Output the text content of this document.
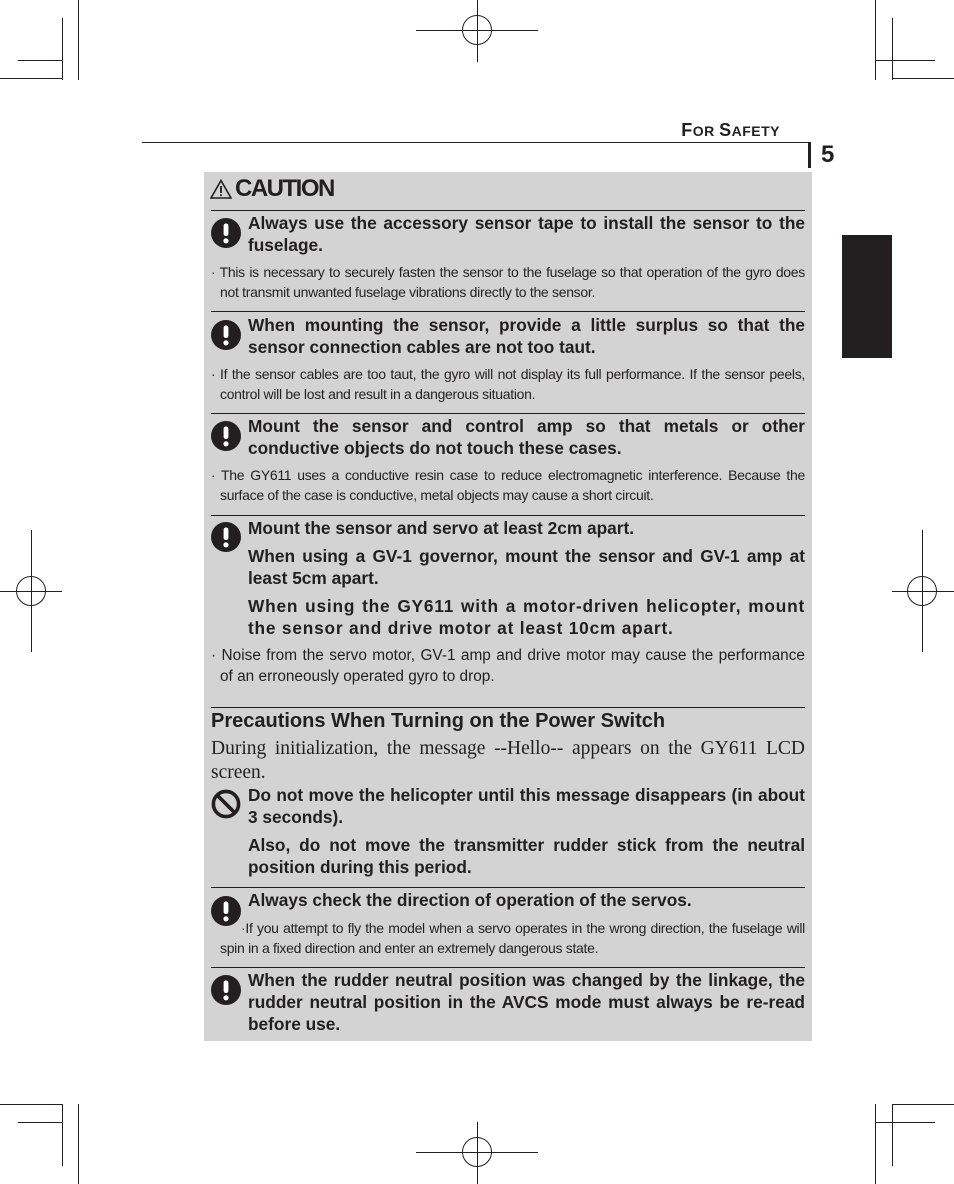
FOR SAFETY
5
CAUTION
Always use the accessory sensor tape to install the sensor to the fuselage.
· This is necessary to securely fasten the sensor to the fuselage so that operation of the gyro does not transmit unwanted fuselage vibrations directly to the sensor.
When mounting the sensor, provide a little surplus so that the sensor connection cables are not too taut.
· If the sensor cables are too taut, the gyro will not display its full performance. If the sensor peels, control will be lost and result in a dangerous situation.
Mount the sensor and control amp so that metals or other conductive objects do not touch these cases.
· The GY611 uses a conductive resin case to reduce electromagnetic interference. Because the surface of the case is conductive, metal objects may cause a short circuit.
Mount the sensor and servo at least 2cm apart.
When using a GV-1 governor, mount the sensor and GV-1 amp at least 5cm apart.
When using the GY611 with a motor-driven helicopter, mount the sensor and drive motor at least 10cm apart.
· Noise from the servo motor, GV-1 amp and drive motor may cause the performance of an erroneously operated gyro to drop.
Precautions When Turning on the Power Switch
During initialization, the message --Hello-- appears on the GY611 LCD screen.
Do not move the helicopter until this message disappears (in about 3 seconds).
Also, do not move the transmitter rudder stick from the neutral position during this period.
Always check the direction of operation of the servos.
·If you attempt to fly the model when a servo operates in the wrong direction, the fuselage will spin in a fixed direction and enter an extremely dangerous state.
When the rudder neutral position was changed by the linkage, the rudder neutral position in the AVCS mode must always be re-read before use.
